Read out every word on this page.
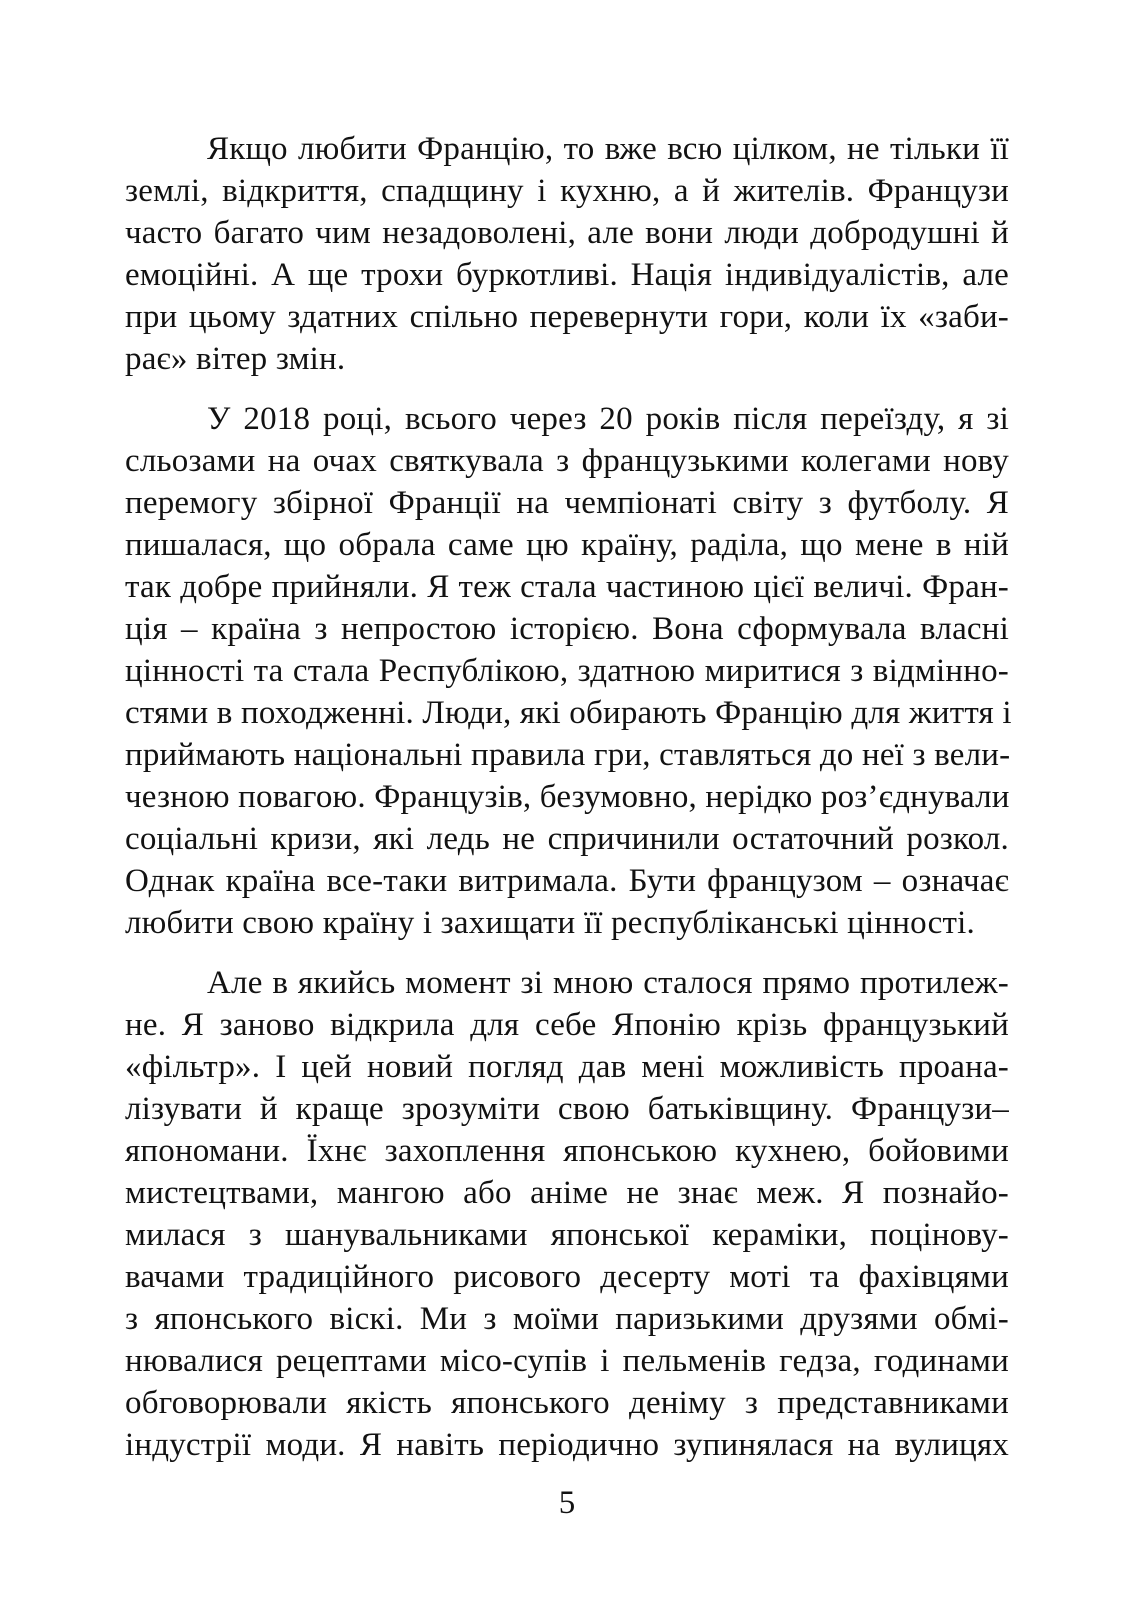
Якщо любити Францію, то вже всю цілком, не тільки її
землі, відкриття, спадщину і кухню, а й жителів. Французи
часто багато чим незадоволені, але вони люди добродушні й
емоційні. А ще трохи буркотливі. Нація індивідуалістів, але
при цьому здатних спільно перевернути гори, коли їх «заби-
рає» вітер змін.
У 2018 році, всього через 20 років після переїзду, я зі
сльозами на очах святкувала з французькими колегами нову
перемогу збірної Франції на чемпіонаті світу з футболу. Я
пишалася, що обрала саме цю країну, раділа, що мене в ній
так добре прийняли. Я теж стала частиною цієї величі. Фран-
ція – країна з непростою історією. Вона сформувала власні
цінності та стала Республікою, здатною миритися з відмінно-
стями в походженні. Люди, які обирають Францію для життя і
приймають національні правила гри, ставляться до неї з вели-
чезною повагою. Французів, безумовно, нерідко роз’єднували
соціальні кризи, які ледь не спричинили остаточний розкол.
Однак країна все-таки витримала. Бути французом – означає
любити свою країну і захищати її республіканські цінності.
Але в якийсь момент зі мною сталося прямо протилеж-
не. Я заново відкрила для себе Японію крізь французький
«фільтр». І цей новий погляд дав мені можливість проана-
лізувати й краще зрозуміти свою батьківщину. Французи–
япономани. Їхнє захоплення японською кухнею, бойовими
мистецтвами, мангою або аніме не знає меж. Я познайо-
милася з шанувальниками японської кераміки, поцінову-
вачами традиційного рисового десерту моті та фахівцями
з японського віскі. Ми з моїми паризькими друзями обмі-
нювалися рецептами місо-супів і пельменів гедза, годинами
обговорювали якість японського деніму з представниками
індустрії моди. Я навіть періодично зупинялася на вулицях
5
